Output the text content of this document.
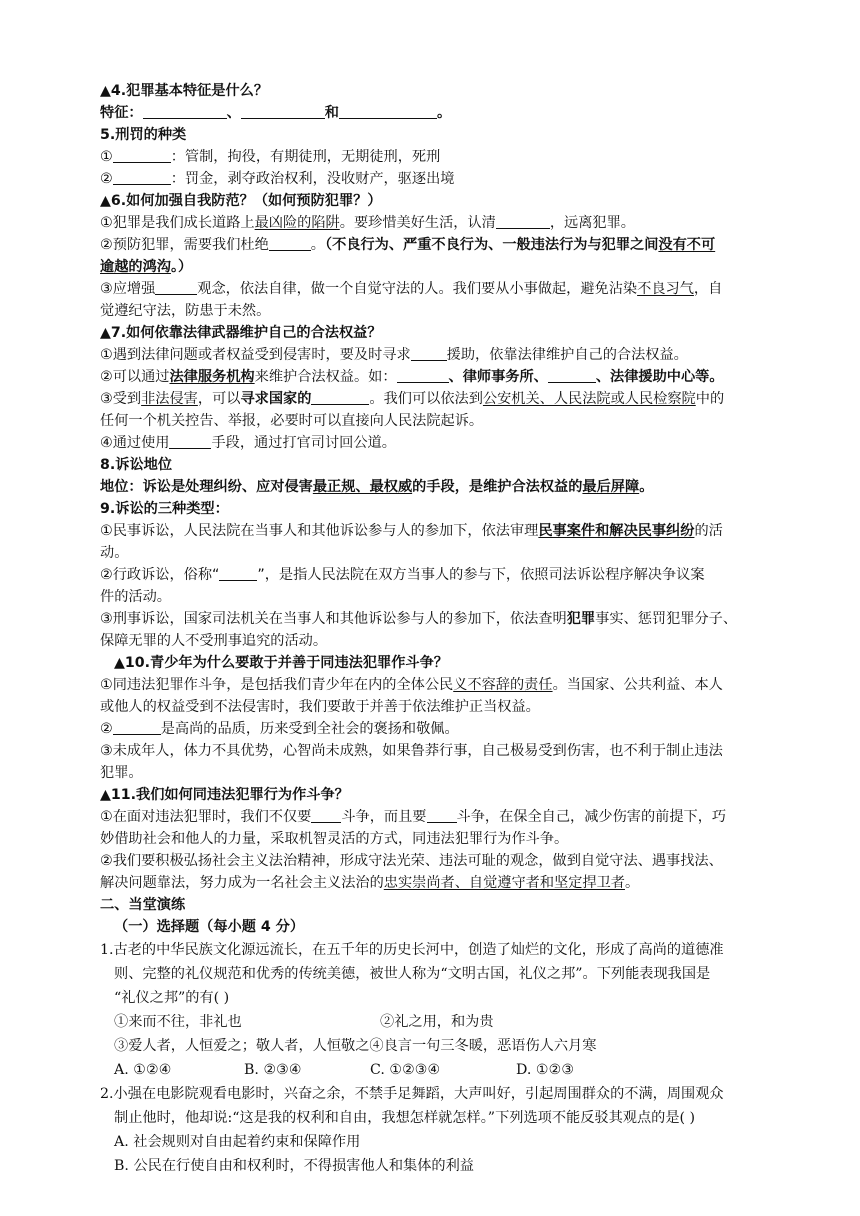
▲4.犯罪基本特征是什么？
特征：	、	和	。
5.刑罚的种类
①	：管制，拘役，有期徒刑，无期徒刑，死刑
②	：罚金，剥夺政治权利，没收财产，驱逐出境
▲6.如何加强自我防范？（如何预防犯罪？）
①犯罪是我们成长道路上最凶险的陷阱。要珍惜美好生活，认清	，远离犯罪。
②预防犯罪，需要我们杜绝	。（不良行为、严重不良行为、一般违法行为与犯罪之间没有不可
逾越的鸿沟。）
③应增强	观念，依法自律，做一个自觉守法的人。我们要从小事做起，避免沾染不良习气，自
觉遵纪守法，防患于未然。
▲7.如何依靠法律武器维护自己的合法权益？
①遇到法律问题或者权益受到侵害时，要及时寻求	援助，依靠法律维护自己的合法权益。
②可以通过法律服务机构来维护合法权益。如：	、律师事务所、	、法律援助中心等。
③受到非法侵害，可以寻求国家的	。我们可以依法到公安机关、人民法院或人民检察院中的
任何一个机关控告、举报，必要时可以直接向人民法院起诉。
④通过使用	手段，通过打官司讨回公道。
8.诉讼地位
地位：诉讼是处理纠纷、应对侵害最正规、最权威的手段，是维护合法权益的最后屏障。
9.诉讼的三种类型：
①民事诉讼，人民法院在当事人和其他诉讼参与人的参加下，依法审理民事案件和解决民事纠纷的活
动。
②行政诉讼，俗称“	”，是指人民法院在双方当事人的参与下，依照司法诉讼程序解决争议案
件的活动。
③刑事诉讼，国家司法机关在当事人和其他诉讼参与人的参加下，依法查明犯罪事实、惩罚犯罪分子、
保障无罪的人不受刑事追究的活动。
▲10.青少年为什么要敢于并善于同违法犯罪作斗争？
①同违法犯罪作斗争，是包括我们青少年在内的全体公民义不容辞的责任。当国家、公共利益、本人
或他人的权益受到不法侵害时，我们要敢于并善于依法维护正当权益。
②	是高尚的品质，历来受到全社会的褒扬和敬佩。
③未成年人，体力不具优势，心智尚未成熟，如果鲁莽行事，自己极易受到伤害，也不利于制止违法
犯罪。
▲11.我们如何同违法犯罪行为作斗争？
①在面对违法犯罪时，我们不仅要 斗争，而且要 斗争，在保全自己，减少伤害的前提下，巧
妙借助社会和他人的力量，采取机智灵活的方式，同违法犯罪行为作斗争。
②我们要积极弘扬社会主义法治精神，形成守法光荣、违法可耻的观念，做到自觉守法、遇事找法、
解决问题靠法，努力成为一名社会主义法治的忠实崇尚者、自觉遵守者和坚定捍卫者。
二、当堂演练
（一）选择题（每小题 4 分）
1.古老的中华民族文化源远流长，在五千年的历史长河中，创造了灿烂的文化，形成了高尚的道德准
则、完整的礼仪规范和优秀的传统美德，被世人称为“文明古国，礼仪之邦”。下列能表现我国是
“礼仪之邦”的有( )
①来而不往，非礼也	②礼之用，和为贵
③爱人者，人恒爱之；敬人者，人恒敬之④良言一句三冬暖，恶语伤人六月寒
A. ①②④	B. ②③④	C. ①②③④	D. ①②③
2.小强在电影院观看电影时，兴奋之余，不禁手足舞蹈，大声叫好，引起周围群众的不满，周围观众
制止他时，他却说:“这是我的权利和自由，我想怎样就怎样。”下列选项不能反驳其观点的是( )
A. 社会规则对自由起着约束和保障作用
B. 公民在行使自由和权利时，不得损害他人和集体的利益
